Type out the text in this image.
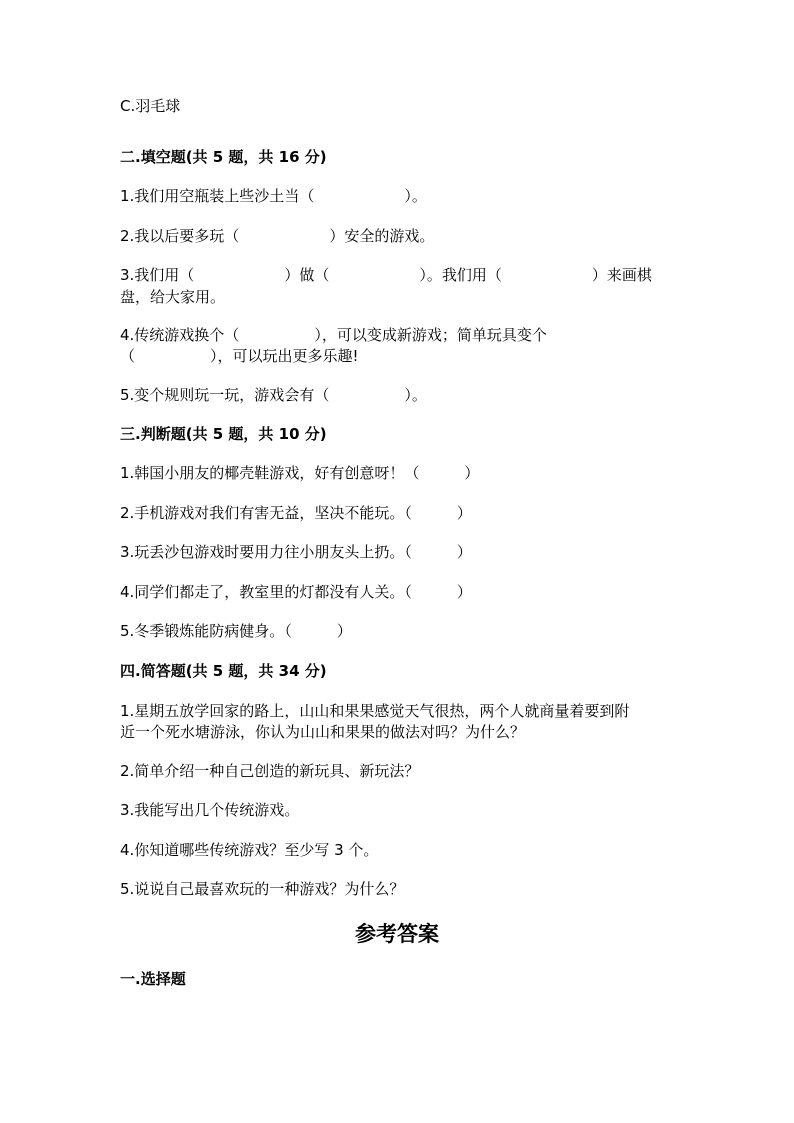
C.羽毛球
二.填空题(共 5 题，共 16 分)
1.我们用空瓶装上些沙土当（　　　　　　）。
2.我以后要多玩（　　　　　　）安全的游戏。
3.我们用（　　　　　　）做（　　　　　　）。我们用（　　　　　　）来画棋
盘，给大家用。
4.传统游戏换个（　　　　　），可以变成新游戏；简单玩具变个
（　　　　　），可以玩出更多乐趣!
5.变个规则玩一玩，游戏会有（　　　　　）。
三.判断题(共 5 题，共 10 分)
1.韩国小朋友的椰壳鞋游戏，好有创意呀！（　　　）
2.手机游戏对我们有害无益，坚决不能玩。（　　　）
3.玩丢沙包游戏时要用力往小朋友头上扔。（　　　）
4.同学们都走了，教室里的灯都没有人关。（　　　）
5.冬季锻炼能防病健身。（　　　）
四.简答题(共 5 题，共 34 分)
1.星期五放学回家的路上，山山和果果感觉天气很热，两个人就商量着要到附
近一个死水塘游泳，你认为山山和果果的做法对吗？为什么？
2.简单介绍一种自己创造的新玩具、新玩法？
3.我能写出几个传统游戏。
4.你知道哪些传统游戏？至少写 3 个。
5.说说自己最喜欢玩的一种游戏？为什么？
参考答案
一.选择题
